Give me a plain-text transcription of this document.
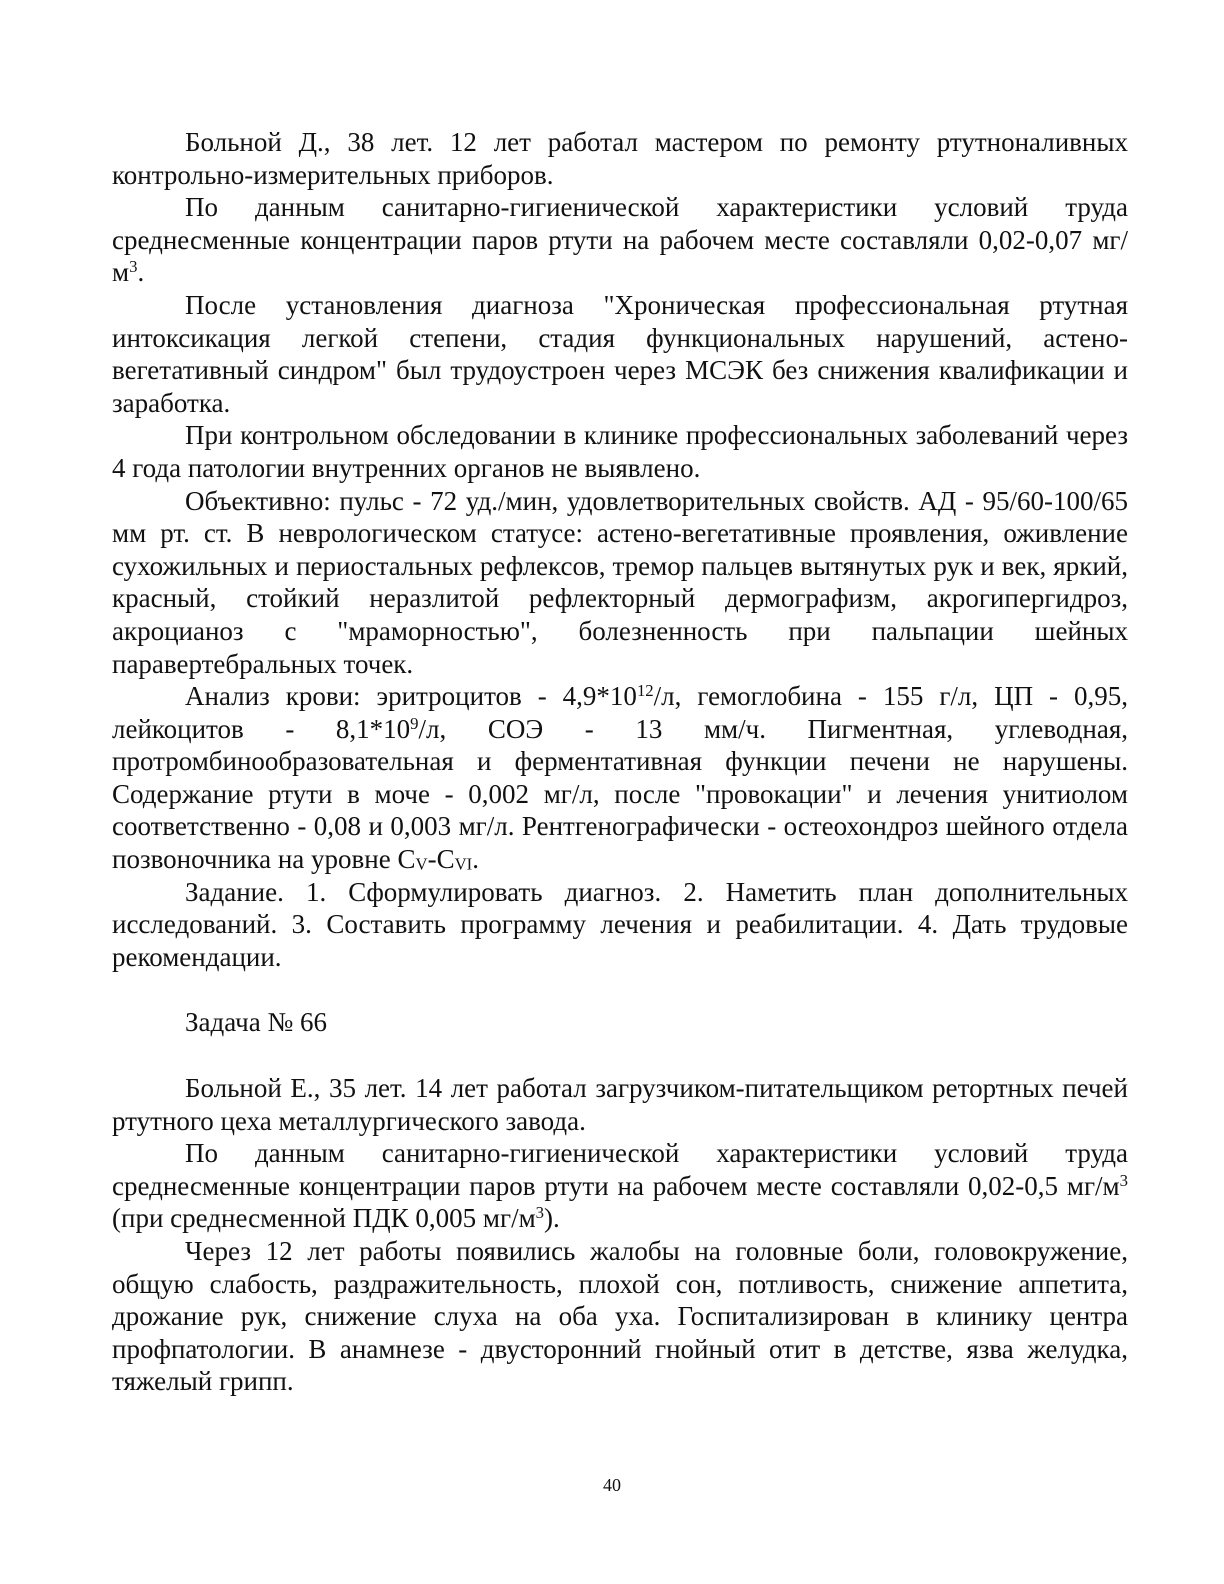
Больной Д., 38 лет. 12 лет работал мастером по ремонту ртутноналивных контрольно-измерительных приборов.

По данным санитарно-гигиенической характеристики условий труда среднесменные концентрации паров ртути на рабочем месте составляли 0,02-0,07 $мг/м^3$.

После установления диагноза "Хроническая профессиональная ртутная интоксикация легкой степени, стадия функциональных нарушений, астено-вегетативный синдром" был трудоустроен через МСЭК без снижения квалификации и заработка.

При контрольном обследовании в клинике профессиональных заболеваний через 4 года патологии внутренних органов не выявлено.

Объективно: пульс - 72 уд./мин, удовлетворительных свойств. АД - 95/60-100/65 мм рт. ст. В неврологическом статусе: астено-вегетативные проявления, оживление сухожильных и периостальных рефлексов, тремор пальцев вытянутых рук и век, яркий, красный, стойкий неразлитой рефлекторный дермографизм, акрогипергидроз, акроцианоз с "мраморностью", болезненность при пальпации шейных паравертебральных точек.

Анализ крови: эритроцитов - $4,9*10^{12}/л$, гемоглобина - 155 г/л, ЦП - 0,95, лейкоцитов - $8,1*10^9/л$, СОЭ - 13 мм/ч. Пигментная, углеводная, протромбинообразовательная и ферментативная функции печени не нарушены. Содержание ртути в моче - 0,002 мг/л, после "провокации" и лечения унитиолом соответственно - 0,08 и 0,003 мг/л. Рентгенографически - остеохондроз шейного отдела позвоночника на уровне $С_V-С_{VI}$.

Задание. 1. Сформулировать диагноз. 2. Наметить план дополнительных исследований. 3. Составить программу лечения и реабилитации. 4. Дать трудовые рекомендации.

Задача № 66

Больной Е., 35 лет. 14 лет работал загрузчиком-питательщиком ретортных печей ртутного цеха металлургического завода.

По данным санитарно-гигиенической характеристики условий труда среднесменные концентрации паров ртути на рабочем месте составляли 0,02-0,5 $мг/м^3$ (при среднесменной ПДК 0,005 $мг/м^3$).

Через 12 лет работы появились жалобы на головные боли, головокружение, общую слабость, раздражительность, плохой сон, потливость, снижение аппетита, дрожание рук, снижение слуха на оба уха. Госпитализирован в клинику центра профпатологии. В анамнезе - двусторонний гнойный отит в детстве, язва желудка, тяжелый грипп.

40
